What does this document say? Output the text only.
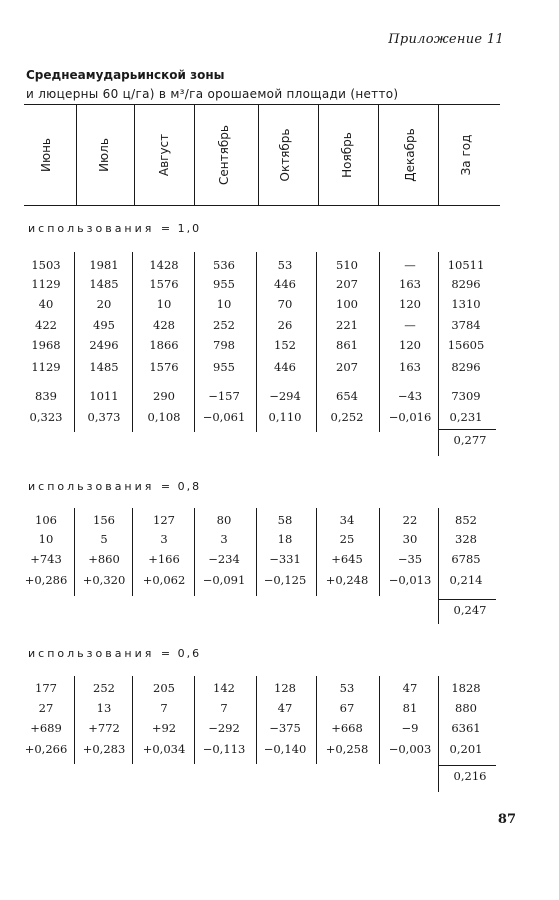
Приложение 11
Среднеамударьинской зоны
и люцерны 60 ц/га) в м³/га орошаемой площади (нетто)
Июнь	Июль	Август	Сентябрь	Октябрь	Ноябрь	Декабрь	За год
использования = 1,0
1503	1981	1428	536	53	510	—	10511
1129	1485	1576	955	446	207	163	8296
40	20	10	10	70	100	120	1310
422	495	428	252	26	221	—	3784
1968	2496	1866	798	152	861	120	15605
1129	1485	1576	955	446	207	163	8296
839	1011	290	−157	−294	654	−43	7309
0,323	0,373	0,108	−0,061	0,110	0,252	−0,016	0,231
0,277
использования = 0,8
106	156	127	80	58	34	22	852
10	5	3	3	18	25	30	328
+743	+860	+166	−234	−331	+645	−35	6785
+0,286	+0,320	+0,062	−0,091	−0,125	+0,248	−0,013	0,214
0,247
использования = 0,6
177	252	205	142	128	53	47	1828
27	13	7	7	47	67	81	880
+689	+772	+92	−292	−375	+668	−9	6361
+0,266	+0,283	+0,034	−0,113	−0,140	+0,258	−0,003	0,201
0,216
87
